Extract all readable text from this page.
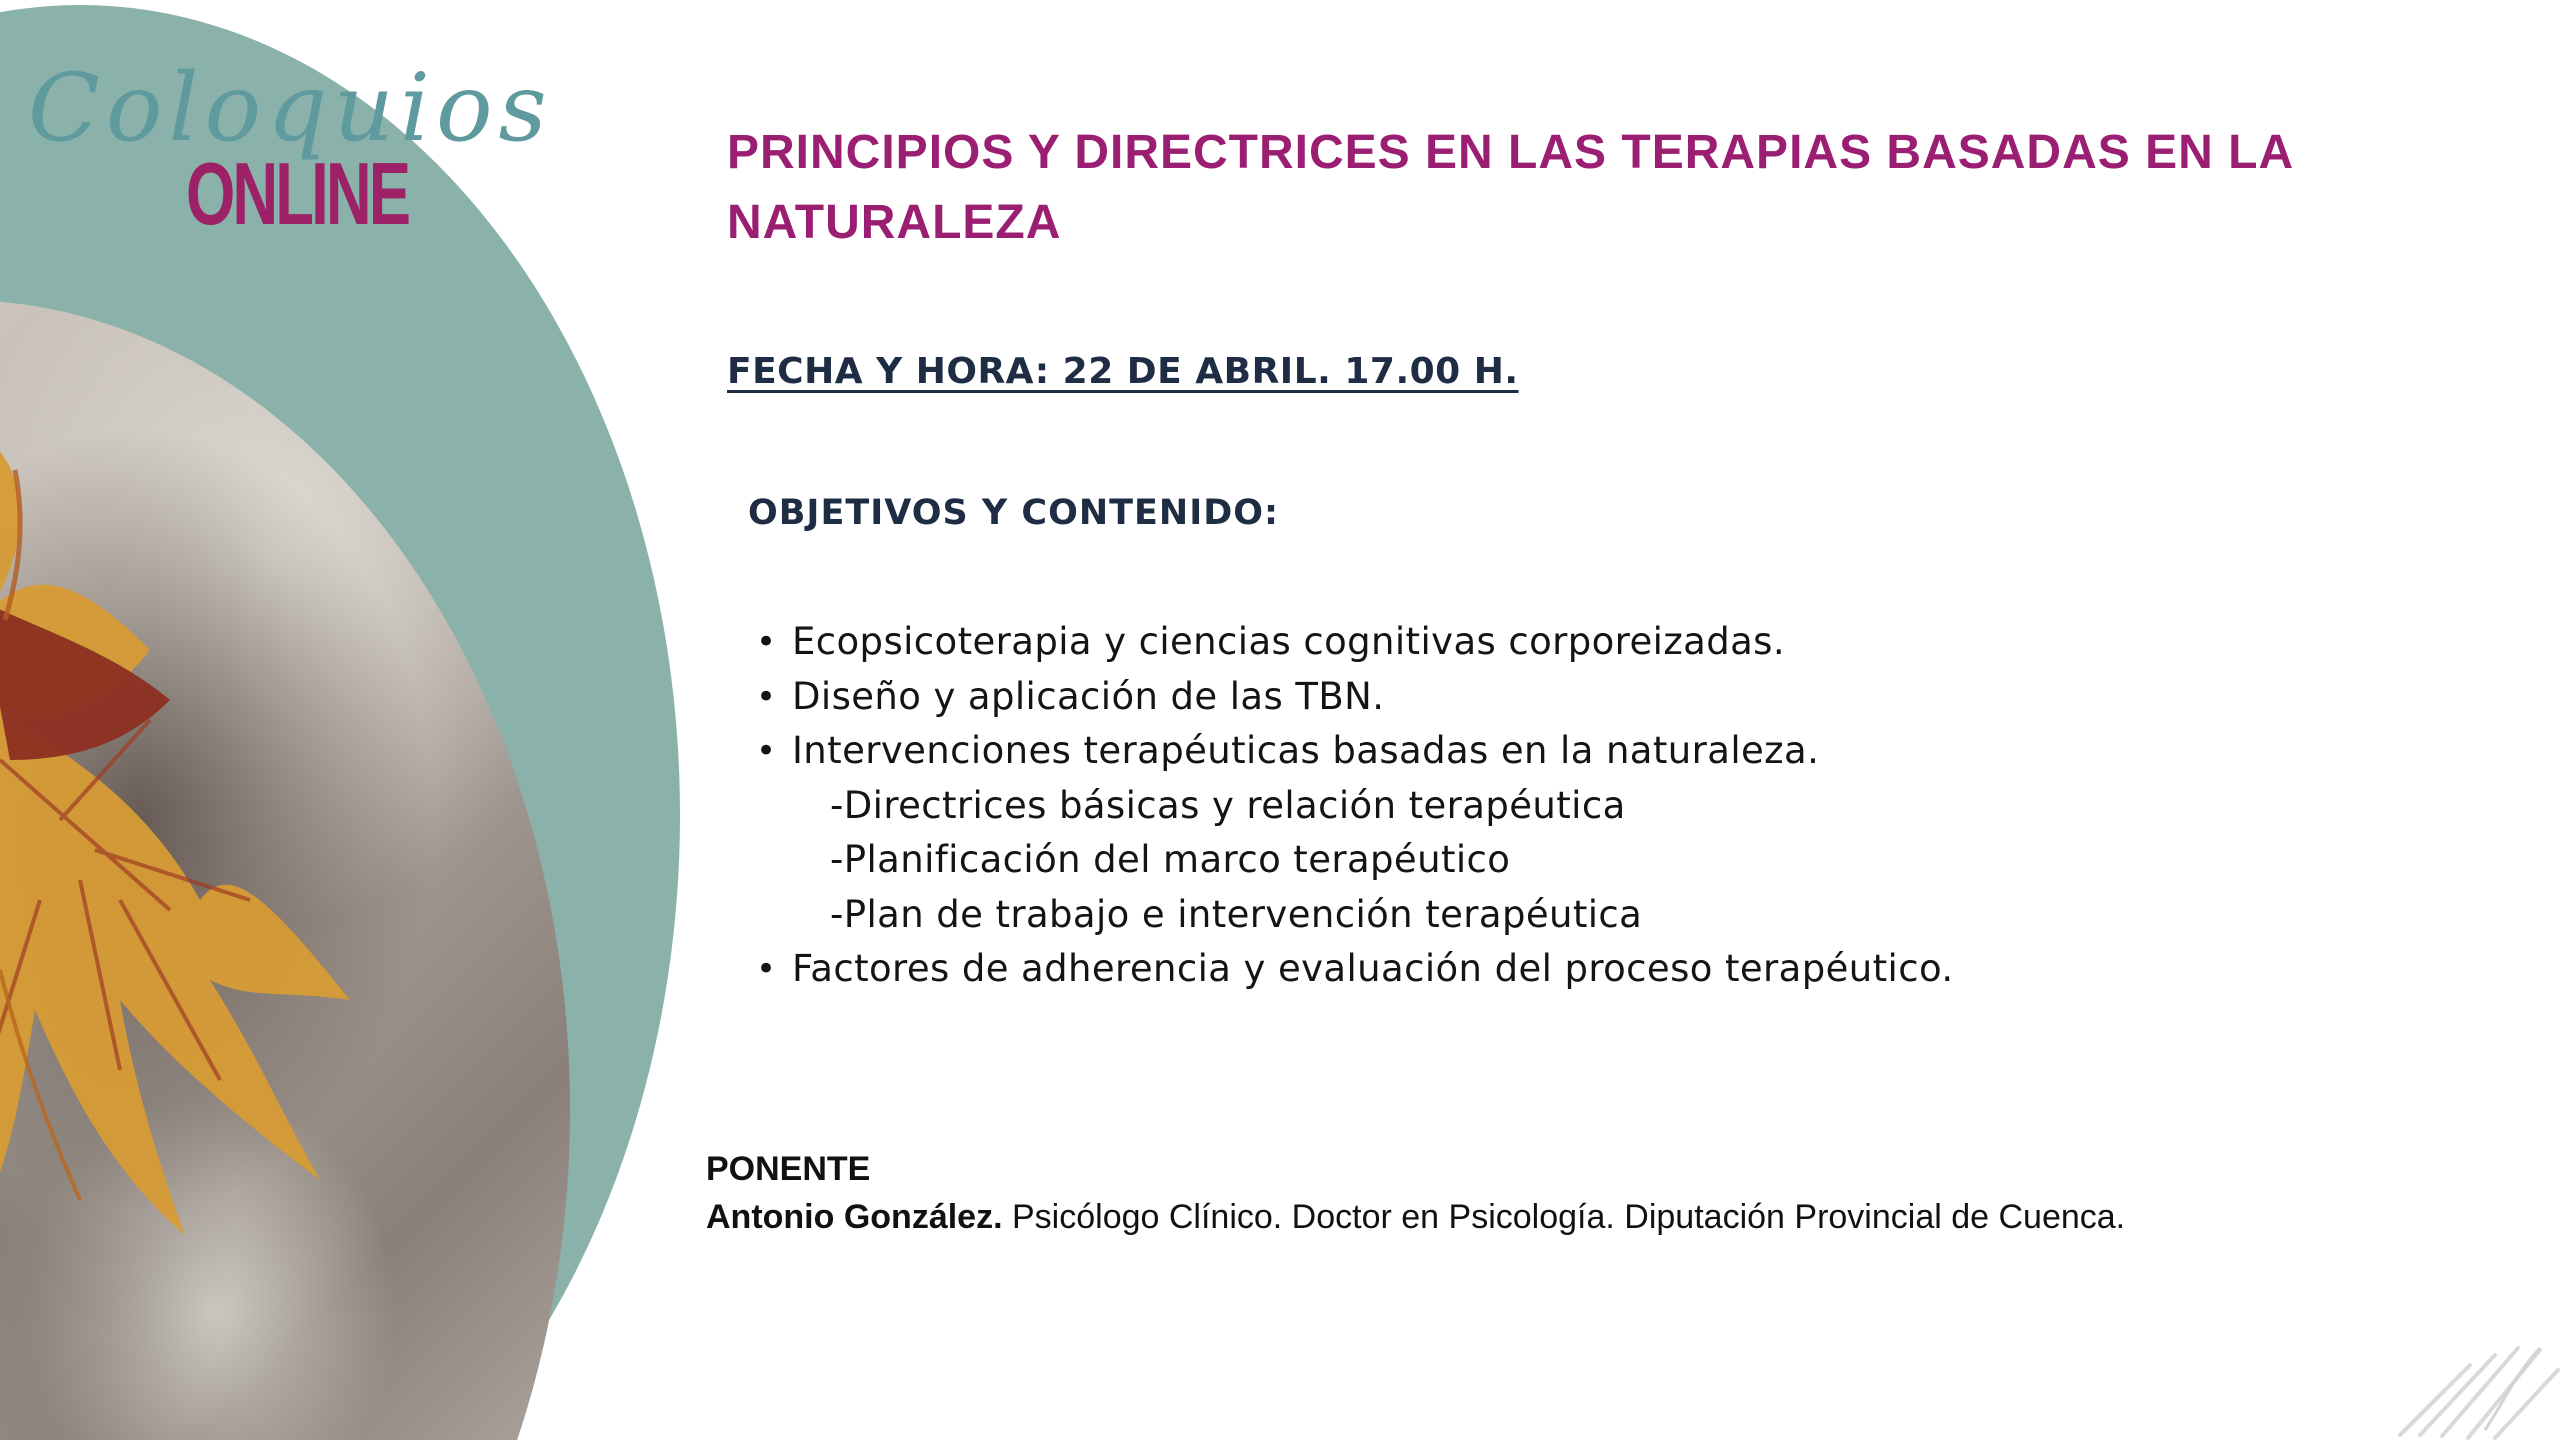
Coloquios
ONLINE	PRINCIPIOS Y DIRECTRICES EN LAS TERAPIAS BASADAS EN LA NATURALEZA
FECHA Y HORA: 22 DE ABRIL. 17.00 H.
OBJETIVOS Y CONTENIDO:
• Ecopsicoterapia y ciencias cognitivas corporeizadas.
• Diseño y aplicación de las TBN.
• Intervenciones terapéuticas basadas en la naturaleza.
-Directrices básicas y relación terapéutica
-Planificación del marco terapéutico
-Plan de trabajo e intervención terapéutica
• Factores de adherencia y evaluación del proceso terapéutico.
PONENTE
Antonio González. Psicólogo Clínico. Doctor en Psicología. Diputación Provincial de Cuenca.
